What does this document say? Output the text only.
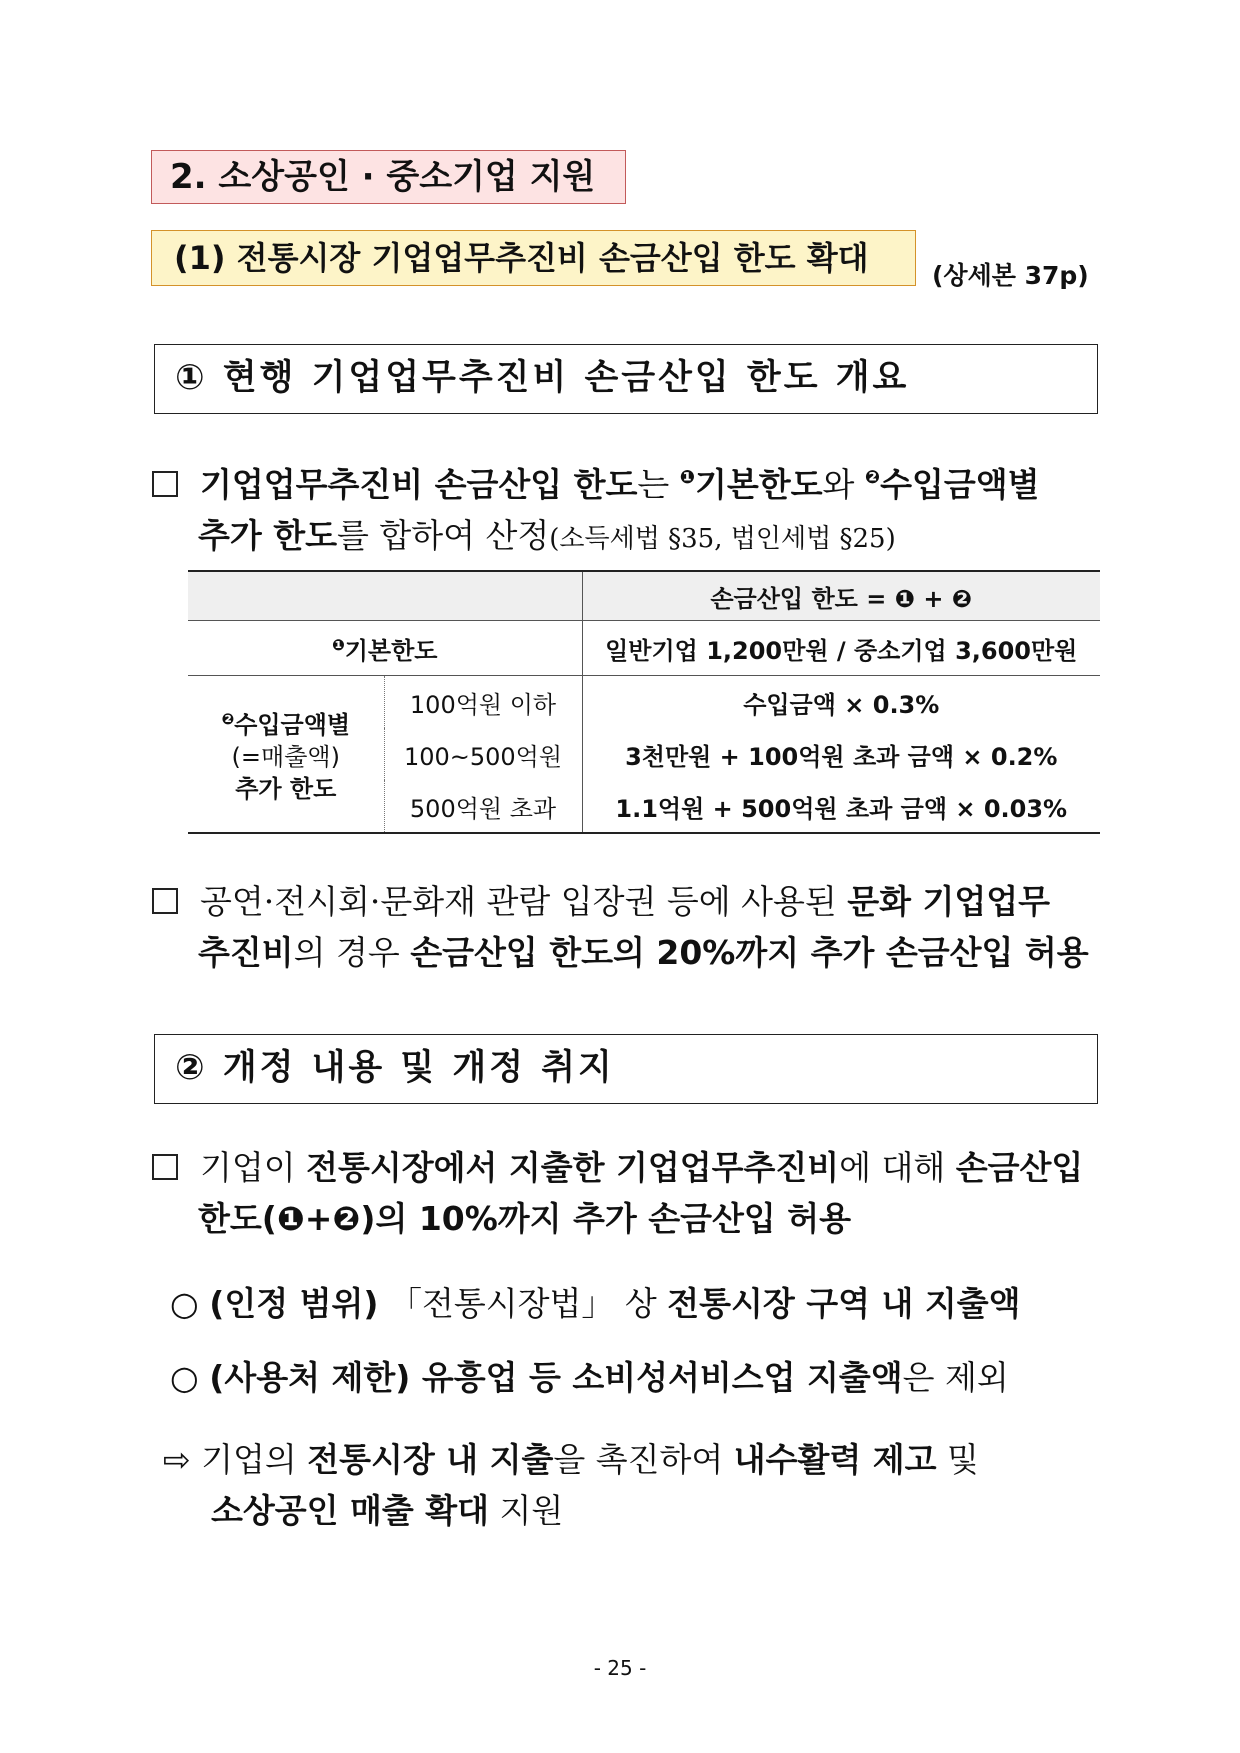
2. 소상공인 · 중소기업 지원
(1) 전통시장 기업업무추진비 손금산입 한도 확대	(상세본 37p)
① 현행 기업업무추진비 손금산입 한도 개요
기업업무추진비 손금산입 한도는 $^❶$기본한도와 $^❷$수입금액별
추가 한도를 합하여 산정(소득세법 §35, 법인세법 §25)
		손금산입 한도 = ❶ + ❷
$^❶$기본한도		일반기업 1,200만원 / 중소기업 3,600만원

$^❷$수입금액별
(=매출액)
추가 한도	100억원 이하	수입금액 × 0.3%
	100~500억원	3천만원 + 100억원 초과 금액 × 0.2%
	500억원 초과	1.1억원 + 500억원 초과 금액 × 0.03%
공연·전시회·문화재 관람 입장권 등에 사용된 문화 기업업무
추진비의 경우 손금산입 한도의 20%까지 추가 손금산입 허용
② 개정 내용 및 개정 취지
기업이 전통시장에서 지출한 기업업무추진비에 대해 손금산입
한도(❶+❷)의 10%까지 추가 손금산입 허용
○ (인정 범위) 「전통시장법」 상 전통시장 구역 내 지출액
○ (사용처 제한) 유흥업 등 소비성서비스업 지출액은 제외
⇨ 기업의 전통시장 내 지출을 촉진하여 내수활력 제고 및
소상공인 매출 확대 지원
- 25 -
